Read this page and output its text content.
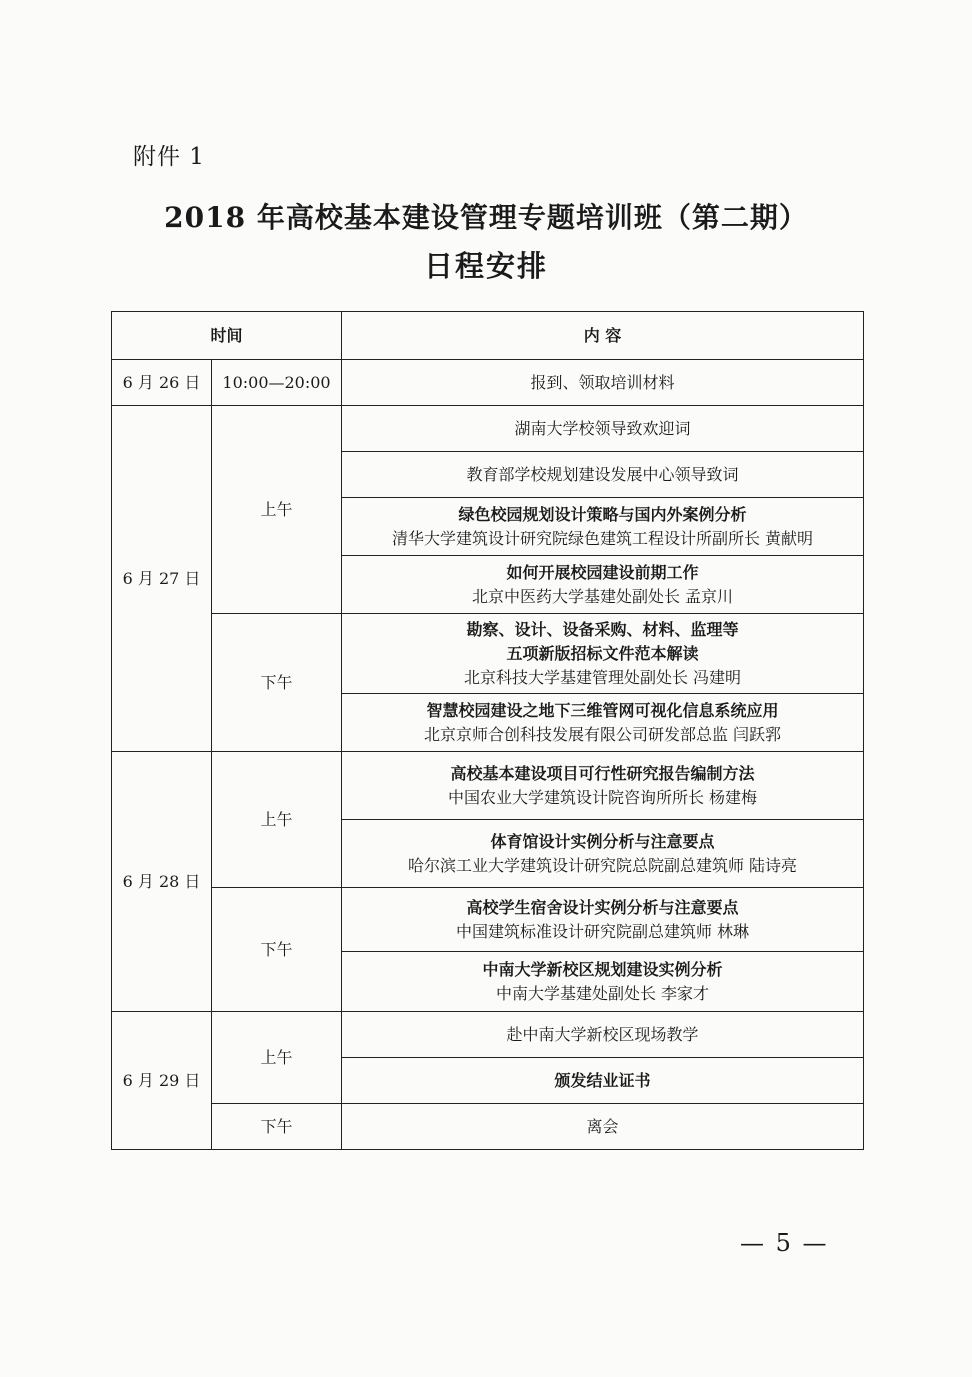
附件 1
2018 年高校基本建设管理专题培训班（第二期）
日程安排
时间		内 容
6 月 26 日	10:00—20:00	报到、领取培训材料
6 月 27 日	上午	湖南大学校领导致欢迎词

		教育部学校规划建设发展中心领导致词

		绿色校园规划设计策略与国内外案例分析
清华大学建筑设计研究院绿色建筑工程设计所副所长 黄献明

		如何开展校园建设前期工作
北京中医药大学基建处副处长 孟京川

	下午	勘察、设计、设备采购、材料、监理等
五项新版招标文件范本解读
北京科技大学基建管理处副处长 冯建明

		智慧校园建设之地下三维管网可视化信息系统应用
北京京师合创科技发展有限公司研发部总监 闫跃郛

6 月 28 日	上午	高校基本建设项目可行性研究报告编制方法
中国农业大学建筑设计院咨询所所长 杨建梅

		体育馆设计实例分析与注意要点
哈尔滨工业大学建筑设计研究院总院副总建筑师 陆诗亮

	下午	高校学生宿舍设计实例分析与注意要点
中国建筑标准设计研究院副总建筑师 林琳

		中南大学新校区规划建设实例分析
中南大学基建处副处长 李家才

6 月 29 日	上午	赴中南大学新校区现场教学

		颁发结业证书

	下午	离会
— 5 —
